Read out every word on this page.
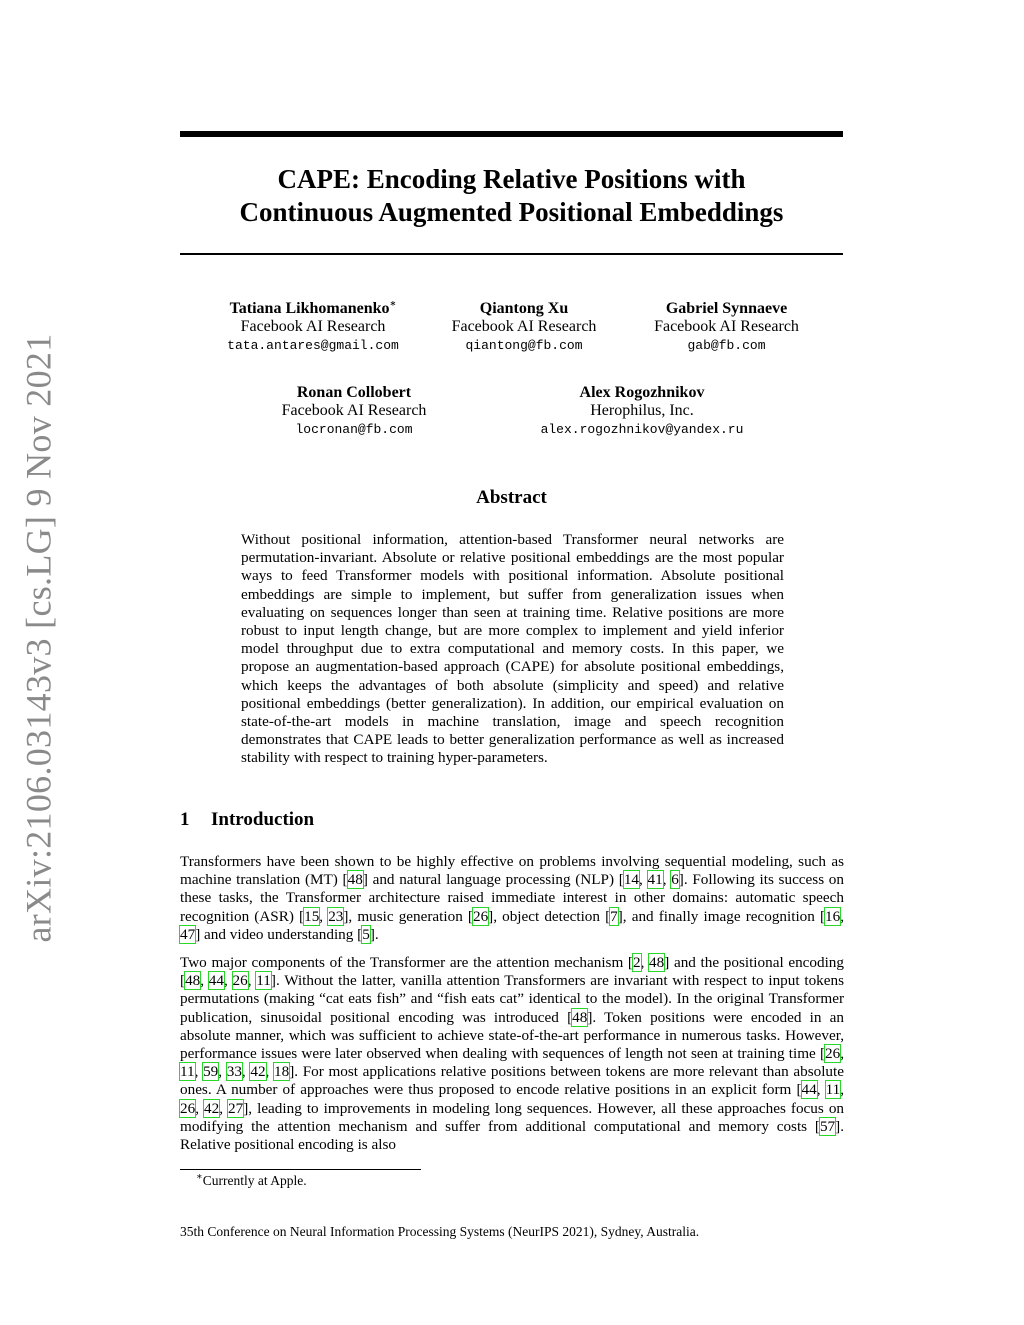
arXiv:2106.03143v3 [cs.LG] 9 Nov 2021
CAPE: Encoding Relative Positions with
Continuous Augmented Positional Embeddings
Tatiana Likhomanenko∗
Facebook AI Research
tata.antares@gmail.com
Qiantong Xu
Facebook AI Research
qiantong@fb.com
Gabriel Synnaeve
Facebook AI Research
gab@fb.com
Ronan Collobert
Facebook AI Research
locronan@fb.com
Alex Rogozhnikov
Herophilus, Inc.
alex.rogozhnikov@yandex.ru
Abstract
Without positional information, attention-based Transformer neural networks are permutation-invariant. Absolute or relative positional embeddings are the most popular ways to feed Transformer models with positional information. Absolute positional embeddings are simple to implement, but suffer from generalization issues when evaluating on sequences longer than seen at training time. Relative positions are more robust to input length change, but are more complex to implement and yield inferior model throughput due to extra computational and memory costs. In this paper, we propose an augmentation-based approach (CAPE) for absolute positional embeddings, which keeps the advantages of both absolute (simplicity and speed) and relative positional embeddings (better generalization). In addition, our empirical evaluation on state-of-the-art models in machine translation, image and speech recognition demonstrates that CAPE leads to better generalization performance as well as increased stability with respect to training hyper-parameters.
1 Introduction
Transformers have been shown to be highly effective on problems involving sequential modeling, such as machine translation (MT) [48] and natural language processing (NLP) [14, 41, 6]. Following its success on these tasks, the Transformer architecture raised immediate interest in other domains: automatic speech recognition (ASR) [15, 23], music generation [26], object detection [7], and finally image recognition [16, 47] and video understanding [5].
Two major components of the Transformer are the attention mechanism [2, 48] and the positional encoding [48, 44, 26, 11]. Without the latter, vanilla attention Transformers are invariant with respect to input tokens permutations (making “cat eats fish” and “fish eats cat” identical to the model). In the original Transformer publication, sinusoidal positional encoding was introduced [48]. Token positions were encoded in an absolute manner, which was sufficient to achieve state-of-the-art performance in numerous tasks. However, performance issues were later observed when dealing with sequences of length not seen at training time [26, 11, 59, 33, 42, 18]. For most applications relative positions between tokens are more relevant than absolute ones. A number of approaches were thus proposed to encode relative positions in an explicit form [44, 11, 26, 42, 27], leading to improvements in modeling long sequences. However, all these approaches focus on modifying the attention mechanism and suffer from additional computational and memory costs [57]. Relative positional encoding is also
∗Currently at Apple.
35th Conference on Neural Information Processing Systems (NeurIPS 2021), Sydney, Australia.
